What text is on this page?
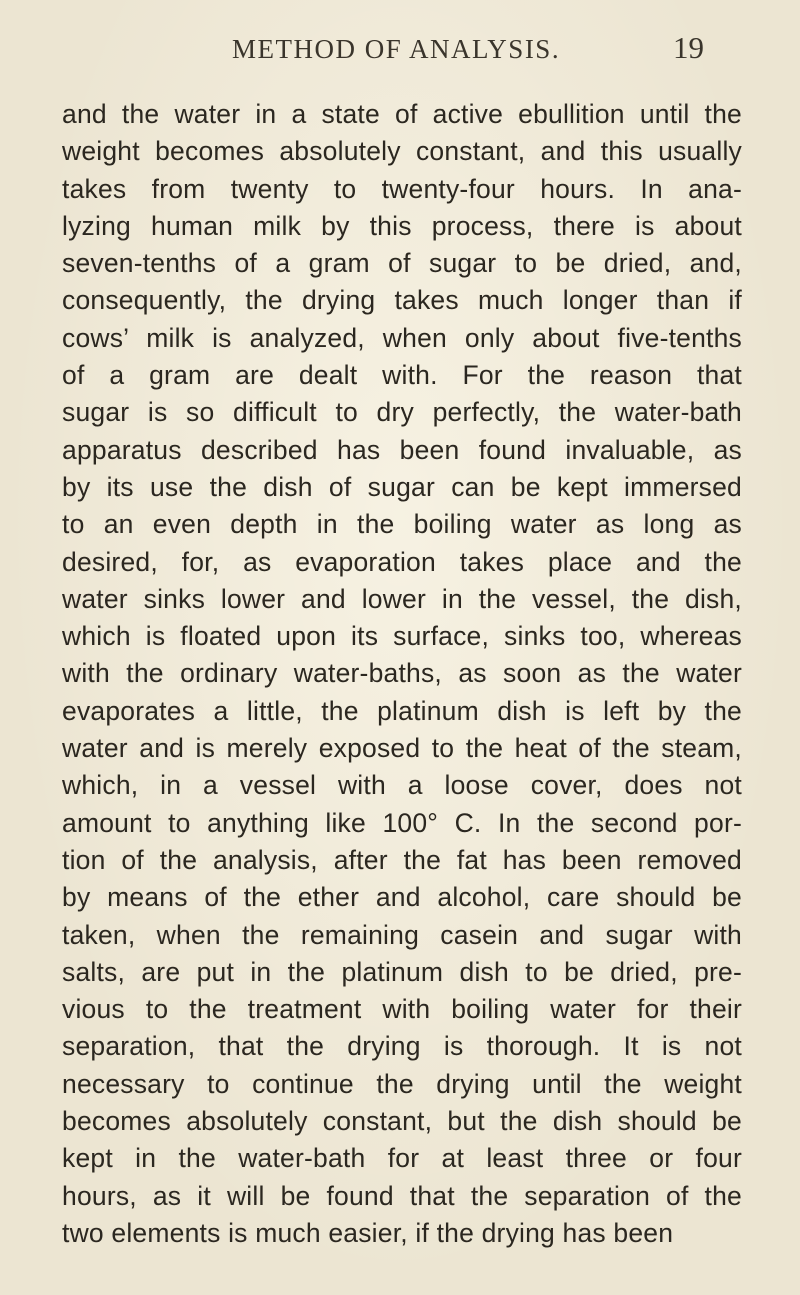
METHOD OF ANALYSIS.	19
and the water in a state of active ebullition until the
weight becomes absolutely constant, and this usually
takes from twenty to twenty-four hours. In ana-
lyzing human milk by this process, there is about
seven-tenths of a gram of sugar to be dried, and,
consequently, the drying takes much longer than if
cows’ milk is analyzed, when only about five-tenths
of a gram are dealt with. For the reason that
sugar is so difficult to dry perfectly, the water-bath
apparatus described has been found invaluable, as
by its use the dish of sugar can be kept immersed
to an even depth in the boiling water as long as
desired, for, as evaporation takes place and the
water sinks lower and lower in the vessel, the dish,
which is floated upon its surface, sinks too, whereas
with the ordinary water-baths, as soon as the water
evaporates a little, the platinum dish is left by the
water and is merely exposed to the heat of the steam,
which, in a vessel with a loose cover, does not
amount to anything like 100° C. In the second por-
tion of the analysis, after the fat has been removed
by means of the ether and alcohol, care should be
taken, when the remaining casein and sugar with
salts, are put in the platinum dish to be dried, pre-
vious to the treatment with boiling water for their
separation, that the drying is thorough. It is not
necessary to continue the drying until the weight
becomes absolutely constant, but the dish should be
kept in the water-bath for at least three or four
hours, as it will be found that the separation of the
two elements is much easier, if the drying has been
